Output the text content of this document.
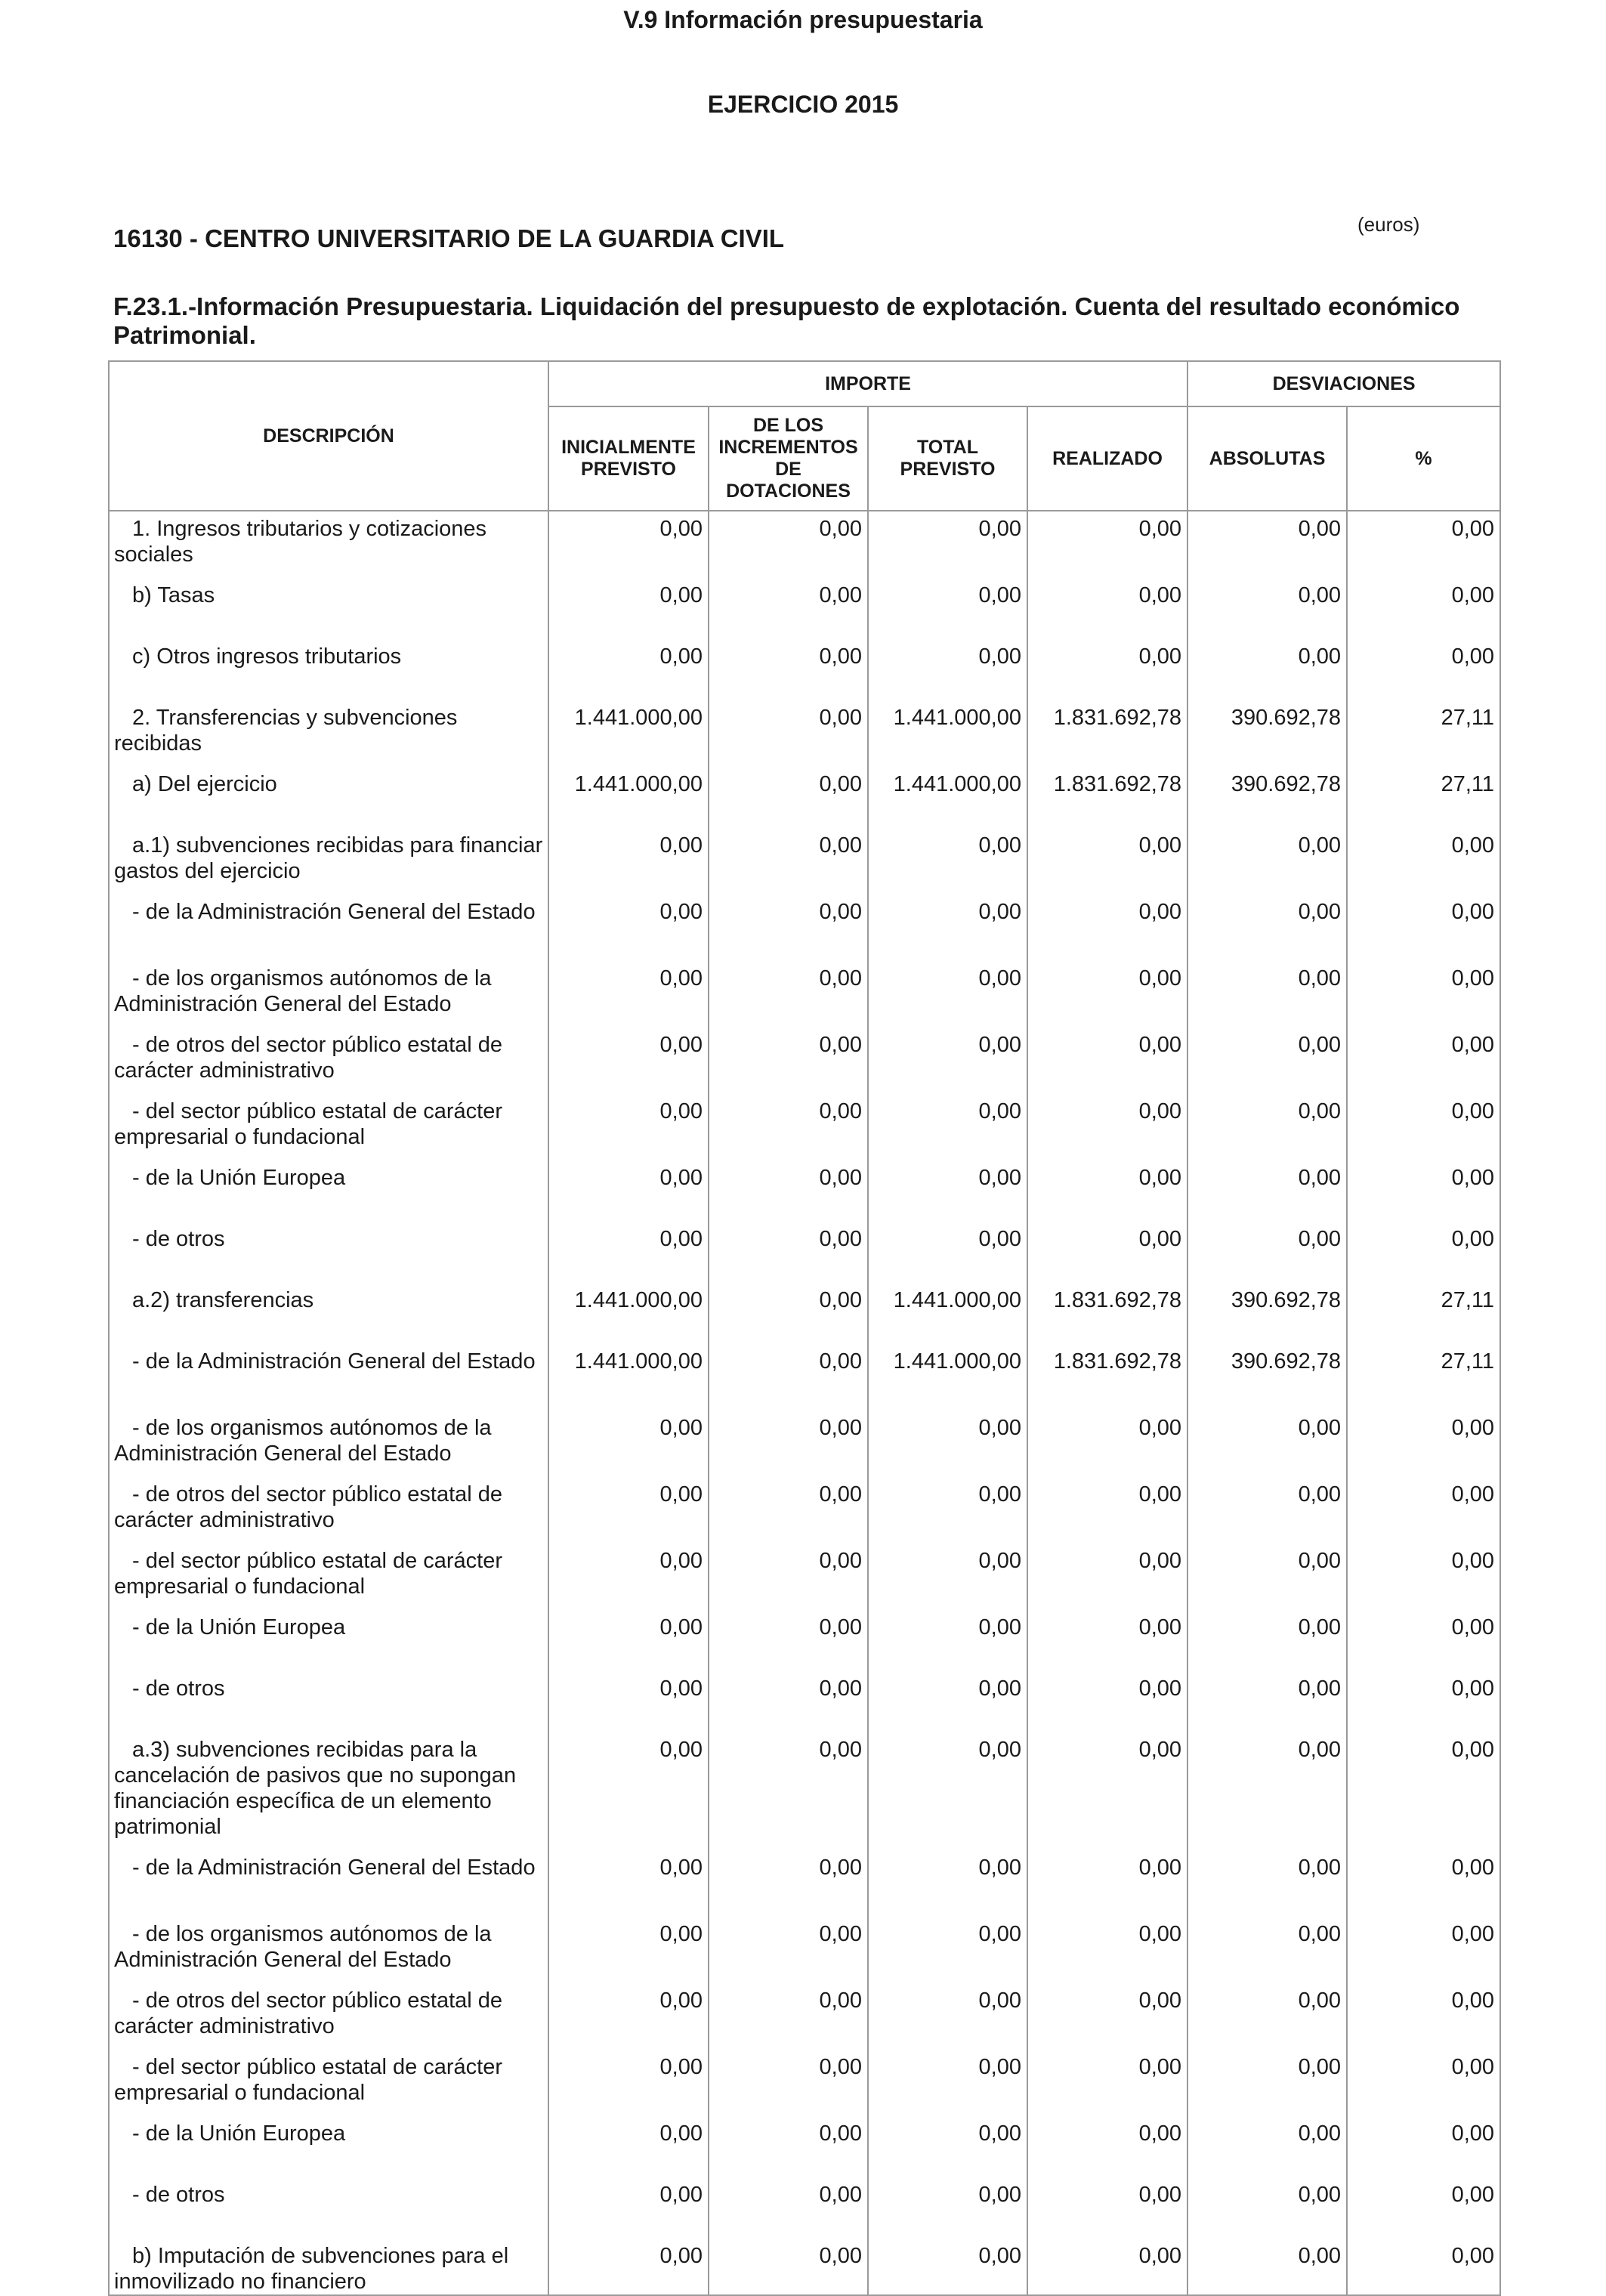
V.9 Información presupuestaria
EJERCICIO 2015
16130 - CENTRO UNIVERSITARIO DE LA GUARDIA CIVIL	(euros)
F.23.1.-Información Presupuestaria. Liquidación del presupuesto de explotación. Cuenta del resultado económico Patrimonial.
DESCRIPCIÓN	IMPORTE				DESVIACIONES	
	INICIALMENTE PREVISTO	DE LOS INCREMENTOS DE DOTACIONES	TOTAL PREVISTO	REALIZADO	ABSOLUTAS	%
1. Ingresos tributarios y cotizaciones sociales	0,00	0,00	0,00	0,00	0,00	0,00
b) Tasas	0,00	0,00	0,00	0,00	0,00	0,00
c) Otros ingresos tributarios	0,00	0,00	0,00	0,00	0,00	0,00
2. Transferencias y subvenciones recibidas	1.441.000,00	0,00	1.441.000,00	1.831.692,78	390.692,78	27,11
a) Del ejercicio	1.441.000,00	0,00	1.441.000,00	1.831.692,78	390.692,78	27,11
a.1) subvenciones recibidas para financiar gastos del ejercicio	0,00	0,00	0,00	0,00	0,00	0,00
- de la Administración General del Estado	0,00	0,00	0,00	0,00	0,00	0,00
- de los organismos autónomos de la Administración General del Estado	0,00	0,00	0,00	0,00	0,00	0,00
- de otros del sector público estatal de carácter administrativo	0,00	0,00	0,00	0,00	0,00	0,00
- del sector público estatal de carácter empresarial o fundacional	0,00	0,00	0,00	0,00	0,00	0,00
- de la Unión Europea	0,00	0,00	0,00	0,00	0,00	0,00
- de otros	0,00	0,00	0,00	0,00	0,00	0,00
a.2) transferencias	1.441.000,00	0,00	1.441.000,00	1.831.692,78	390.692,78	27,11
- de la Administración General del Estado	1.441.000,00	0,00	1.441.000,00	1.831.692,78	390.692,78	27,11
- de los organismos autónomos de la Administración General del Estado	0,00	0,00	0,00	0,00	0,00	0,00
- de otros del sector público estatal de carácter administrativo	0,00	0,00	0,00	0,00	0,00	0,00
- del sector público estatal de carácter empresarial o fundacional	0,00	0,00	0,00	0,00	0,00	0,00
- de la Unión Europea	0,00	0,00	0,00	0,00	0,00	0,00
- de otros	0,00	0,00	0,00	0,00	0,00	0,00
a.3) subvenciones recibidas para la cancelación de pasivos que no supongan financiación específica de un elemento patrimonial	0,00	0,00	0,00	0,00	0,00	0,00
- de la Administración General del Estado	0,00	0,00	0,00	0,00	0,00	0,00
- de los organismos autónomos de la Administración General del Estado	0,00	0,00	0,00	0,00	0,00	0,00
- de otros del sector público estatal de carácter administrativo	0,00	0,00	0,00	0,00	0,00	0,00
- del sector público estatal de carácter empresarial o fundacional	0,00	0,00	0,00	0,00	0,00	0,00
- de la Unión Europea	0,00	0,00	0,00	0,00	0,00	0,00
- de otros	0,00	0,00	0,00	0,00	0,00	0,00
b) Imputación de subvenciones para el inmovilizado no financiero	0,00	0,00	0,00	0,00	0,00	0,00
